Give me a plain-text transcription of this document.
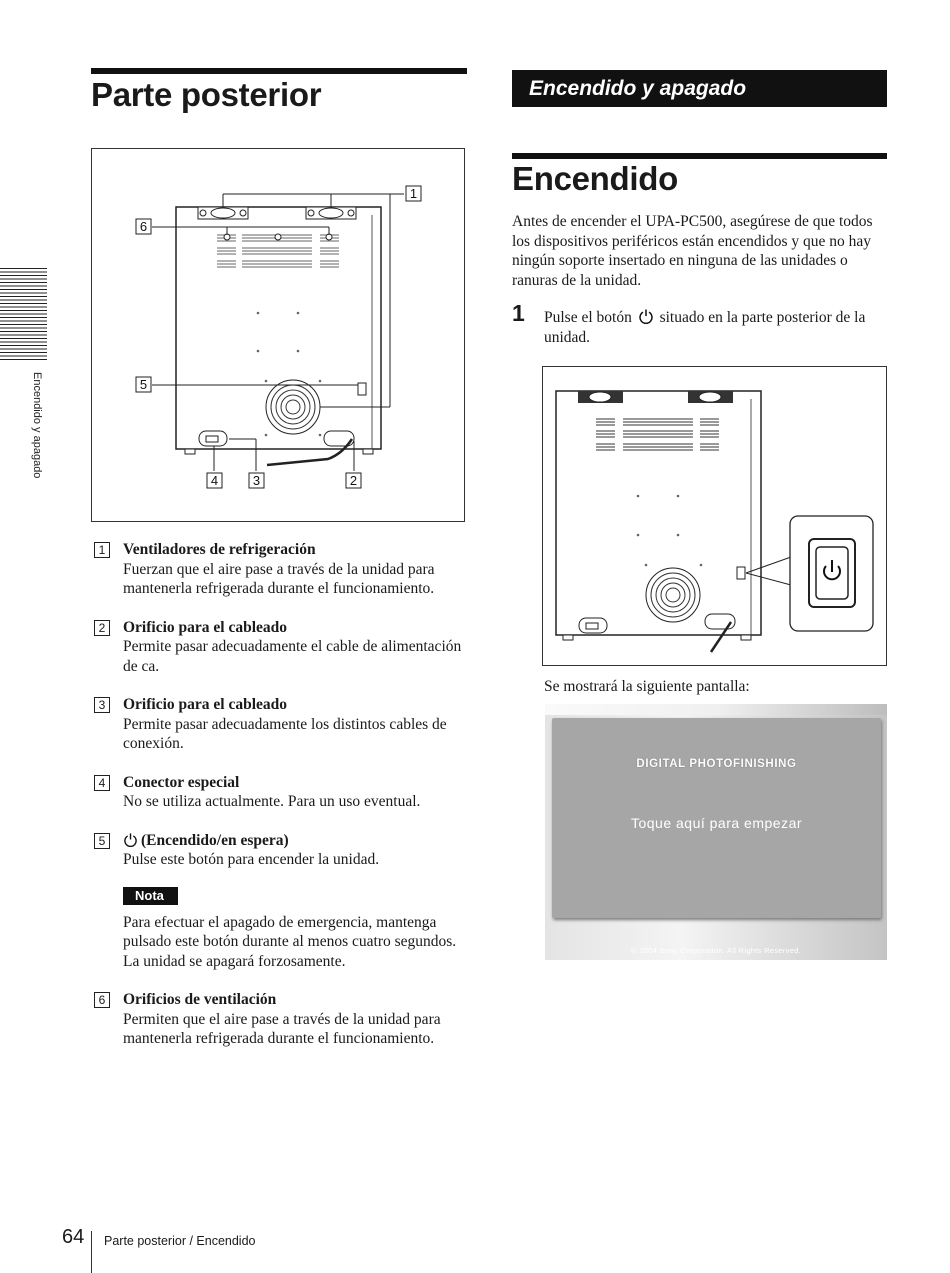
Encendido y apagado
Parte posterior
1
6
5
4	3	2
1	Ventiladores de refrigeración
Fuerzan que el aire pase a través de la unidad para mantenerla refrigerada durante el funcionamiento.
2	Orificio para el cableado
Permite pasar adecuadamente el cable de alimentación de ca.
3	Orificio para el cableado
Permite pasar adecuadamente los distintos cables de conexión.
4	Conector especial
No se utiliza actualmente. Para un uso eventual.
5	(Encendido/en espera)
Pulse este botón para encender la unidad.
Nota
Para efectuar el apagado de emergencia, mantenga pulsado este botón durante al menos cuatro segundos. La unidad se apagará forzosamente.
6	Orificios de ventilación
Permiten que el aire pase a través de la unidad para mantenerla refrigerada durante el funcionamiento.
Encendido y apagado
Encendido
Antes de encender el UPA-PC500, asegúrese de que todos los dispositivos periféricos están encendidos y que no hay ningún soporte insertado en ninguna de las unidades o ranuras de la unidad.
1 Pulse el botón situado en la parte posterior de la unidad.
Se mostrará la siguiente pantalla:
DIGITAL PHOTOFINISHING
Toque aquí para empezar
© 2004 Sony Corporation. All Rights Reserved.
64 Parte posterior / Encendido
